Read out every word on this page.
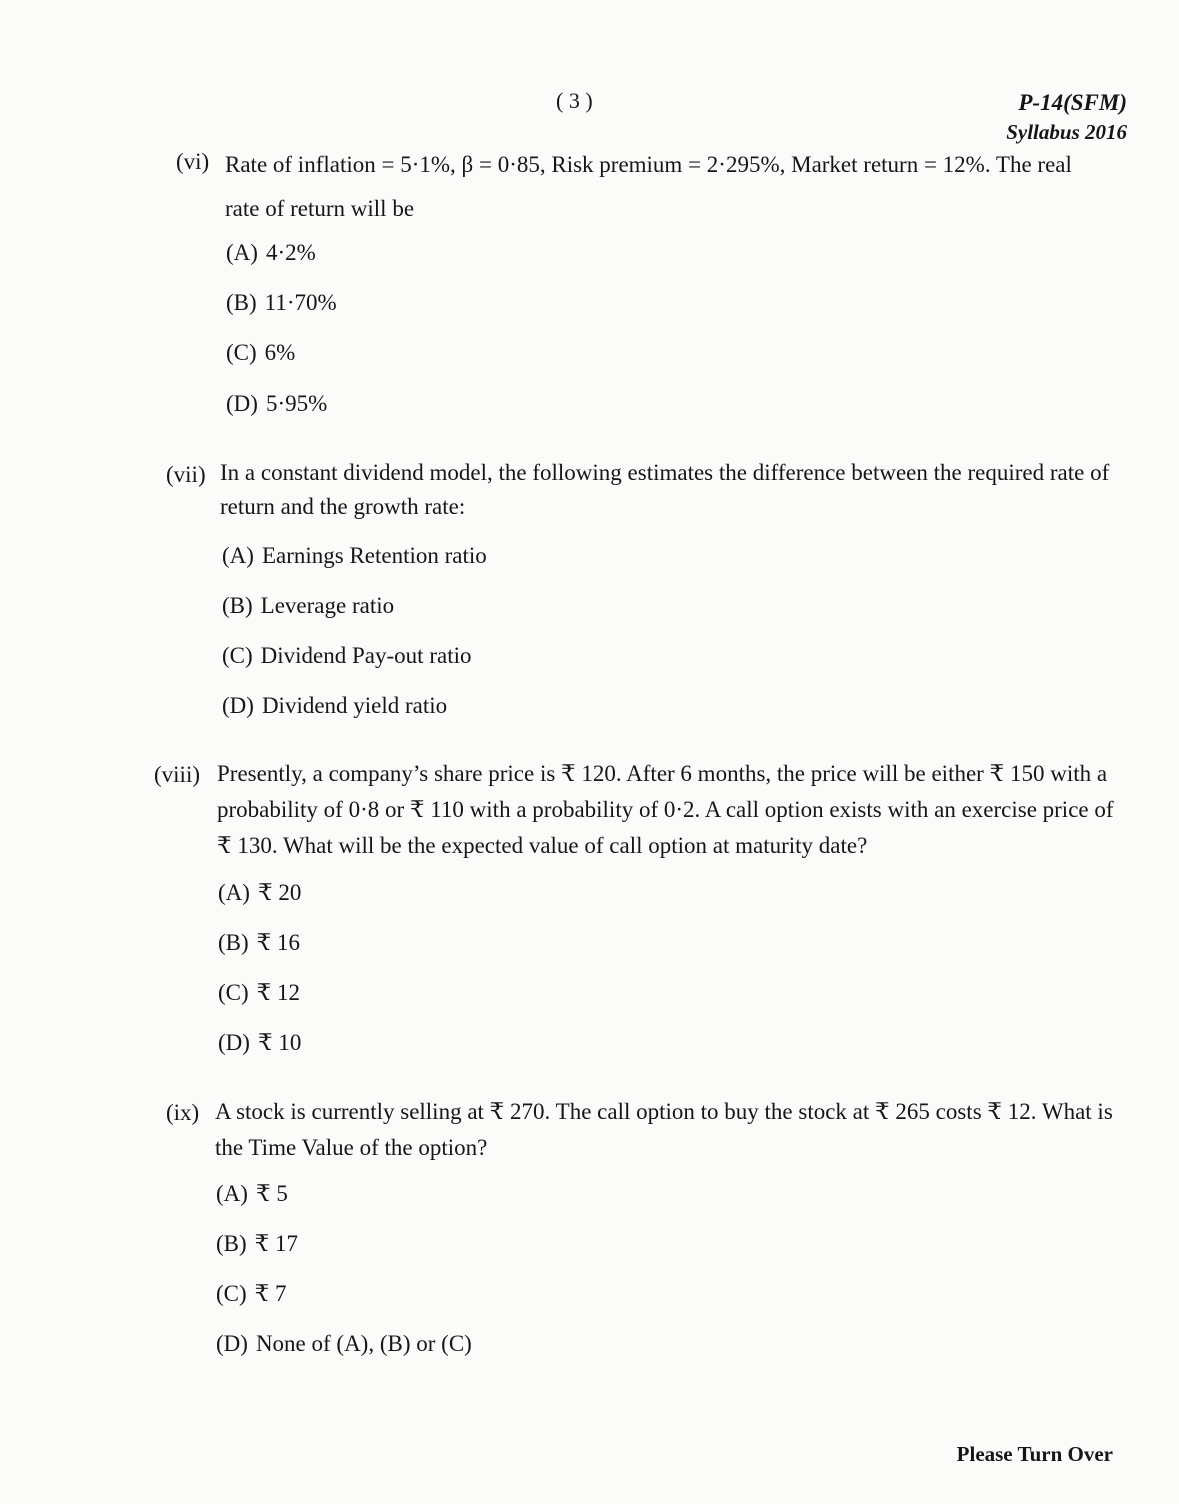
( 3 )	P-14(SFM)
Syllabus 2016
(vi) Rate of inflation = 5·1%, β = 0·85, Risk premium = 2·295%, Market return = 12%. The real rate of return will be
(A) 4·2%
(B) 11·70%
(C) 6%
(D) 5·95%
(vii) In a constant dividend model, the following estimates the difference between the required rate of return and the growth rate:
(A) Earnings Retention ratio
(B) Leverage ratio
(C) Dividend Pay-out ratio
(D) Dividend yield ratio
(viii) Presently, a company’s share price is ₹ 120. After 6 months, the price will be either ₹ 150 with a probability of 0·8 or ₹ 110 with a probability of 0·2. A call option exists with an exercise price of ₹ 130. What will be the expected value of call option at maturity date?
(A) ₹ 20
(B) ₹ 16
(C) ₹ 12
(D) ₹ 10
(ix) A stock is currently selling at ₹ 270. The call option to buy the stock at ₹ 265 costs ₹ 12. What is the Time Value of the option?
(A) ₹ 5
(B) ₹ 17
(C) ₹ 7
(D) None of (A), (B) or (C)
Please Turn Over
